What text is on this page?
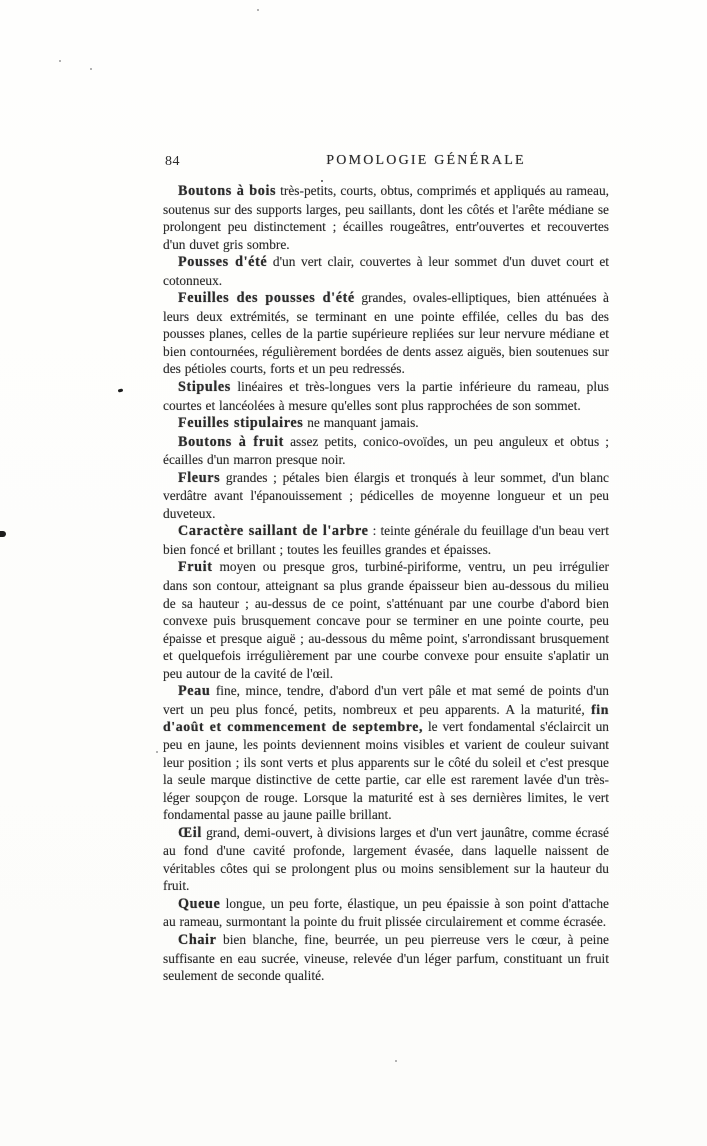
84	POMOLOGIE GÉNÉRALE

Boutons à bois très-petits, courts, obtus, comprimés et appliqués au rameau, soutenus sur des supports larges, peu saillants, dont les côtés et l'arête médiane se prolongent peu distinctement ; écailles rougeâtres, entr'ouvertes et recouvertes d'un duvet gris sombre.

Pousses d'été d'un vert clair, couvertes à leur sommet d'un duvet court et cotonneux.

Feuilles des pousses d'été grandes, ovales-elliptiques, bien atténuées à leurs deux extrémités, se terminant en une pointe effilée, celles du bas des pousses planes, celles de la partie supérieure repliées sur leur nervure médiane et bien contournées, régulièrement bordées de dents assez aiguës, bien soutenues sur des pétioles courts, forts et un peu redressés.

Stipules linéaires et très-longues vers la partie inférieure du rameau, plus courtes et lancéolées à mesure qu'elles sont plus rapprochées de son sommet.

Feuilles stipulaires ne manquant jamais.

Boutons à fruit assez petits, conico-ovoïdes, un peu anguleux et obtus ; écailles d'un marron presque noir.

Fleurs grandes ; pétales bien élargis et tronqués à leur sommet, d'un blanc verdâtre avant l'épanouissement ; pédicelles de moyenne longueur et un peu duveteux.

Caractère saillant de l'arbre : teinte générale du feuillage d'un beau vert bien foncé et brillant ; toutes les feuilles grandes et épaisses.

Fruit moyen ou presque gros, turbiné-piriforme, ventru, un peu irrégulier dans son contour, atteignant sa plus grande épaisseur bien au-dessous du milieu de sa hauteur ; au-dessus de ce point, s'atténuant par une courbe d'abord bien convexe puis brusquement concave pour se terminer en une pointe courte, peu épaisse et presque aiguë ; au-dessous du même point, s'arrondissant brusquement et quelquefois irrégulièrement par une courbe convexe pour ensuite s'aplatir un peu autour de la cavité de l'œil.

Peau fine, mince, tendre, d'abord d'un vert pâle et mat semé de points d'un vert un peu plus foncé, petits, nombreux et peu apparents. A la maturité, fin d'août et commencement de septembre, le vert fondamental s'éclaircit un peu en jaune, les points deviennent moins visibles et varient de couleur suivant leur position ; ils sont verts et plus apparents sur le côté du soleil et c'est presque la seule marque distinctive de cette partie, car elle est rarement lavée d'un très-léger soupçon de rouge. Lorsque la maturité est à ses dernières limites, le vert fondamental passe au jaune paille brillant.

Œil grand, demi-ouvert, à divisions larges et d'un vert jaunâtre, comme écrasé au fond d'une cavité profonde, largement évasée, dans laquelle naissent de véritables côtes qui se prolongent plus ou moins sensiblement sur la hauteur du fruit.

Queue longue, un peu forte, élastique, un peu épaissie à son point d'attache au rameau, surmontant la pointe du fruit plissée circulairement et comme écrasée.

Chair bien blanche, fine, beurrée, un peu pierreuse vers le cœur, à peine suffisante en eau sucrée, vineuse, relevée d'un léger parfum, constituant un fruit seulement de seconde qualité.
